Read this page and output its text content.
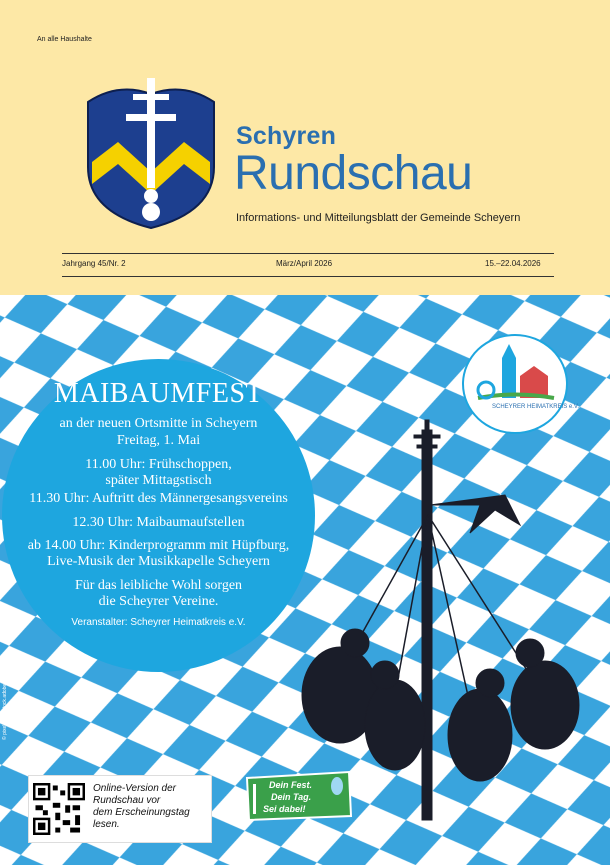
An alle Haushalte
Schyren
Rundschau
Informations- und Mitteilungsblatt der Gemeinde Scheyern
Jahrgang 45/Nr. 2	März/April 2026	15.–22.04.2026
MAIBAUMFEST
an der neuen Ortsmitte in Scheyern
Freitag, 1. Mai
11.00 Uhr: Frühschoppen,
später Mittagstisch
11.30 Uhr: Auftritt des Männergesangsvereins
12.30 Uhr: Maibaumaufstellen
ab 14.00 Uhr: Kinderprogramm mit Hüpfburg,
Live-Musik der Musikkapelle Scheyern
Für das leibliche Wohl sorgen
die Scheyrer Vereine.
Veranstalter: Scheyrer Heimatkreis e.V.
SCHEYRER HEIMATKREIS e.V.
Dein Fest.
Dein Tag.
Sei dabei!
Online-Version der
Rundschau vor
dem Erscheinungstag
lesen.
© pixelfoto – stock.adobe.com
